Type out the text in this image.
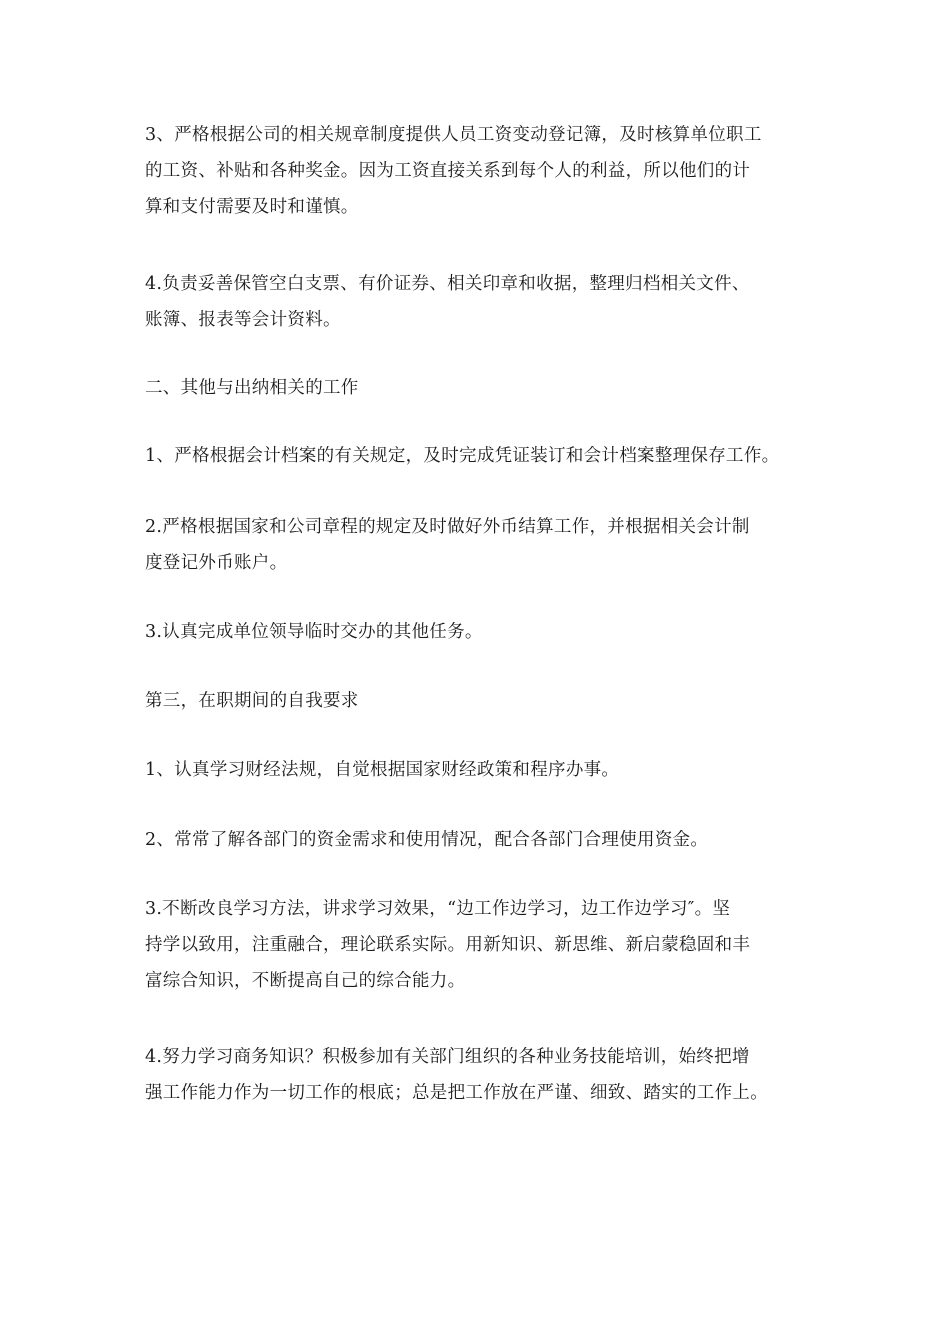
3、严格根据公司的相关规章制度提供人员工资变动登记簿，及时核算单位职工
的工资、补贴和各种奖金。因为工资直接关系到每个人的利益，所以他们的计
算和支付需要及时和谨慎。

4.负责妥善保管空白支票、有价证券、相关印章和收据，整理归档相关文件、
账簿、报表等会计资料。

二、其他与出纳相关的工作

1、严格根据会计档案的有关规定，及时完成凭证装订和会计档案整理保存工作。

2.严格根据国家和公司章程的规定及时做好外币结算工作，并根据相关会计制
度登记外币账户。

3.认真完成单位领导临时交办的其他任务。

第三，在职期间的自我要求

1、认真学习财经法规，自觉根据国家财经政策和程序办事。

2、常常了解各部门的资金需求和使用情况，配合各部门合理使用资金。

3.不断改良学习方法，讲求学习效果，“边工作边学习，边工作边学习″。坚
持学以致用，注重融合，理论联系实际。用新知识、新思维、新启蒙稳固和丰
富综合知识，不断提高自己的综合能力。

4.努力学习商务知识？积极参加有关部门组织的各种业务技能培训，始终把增
强工作能力作为一切工作的根底；总是把工作放在严谨、细致、踏实的工作上。
